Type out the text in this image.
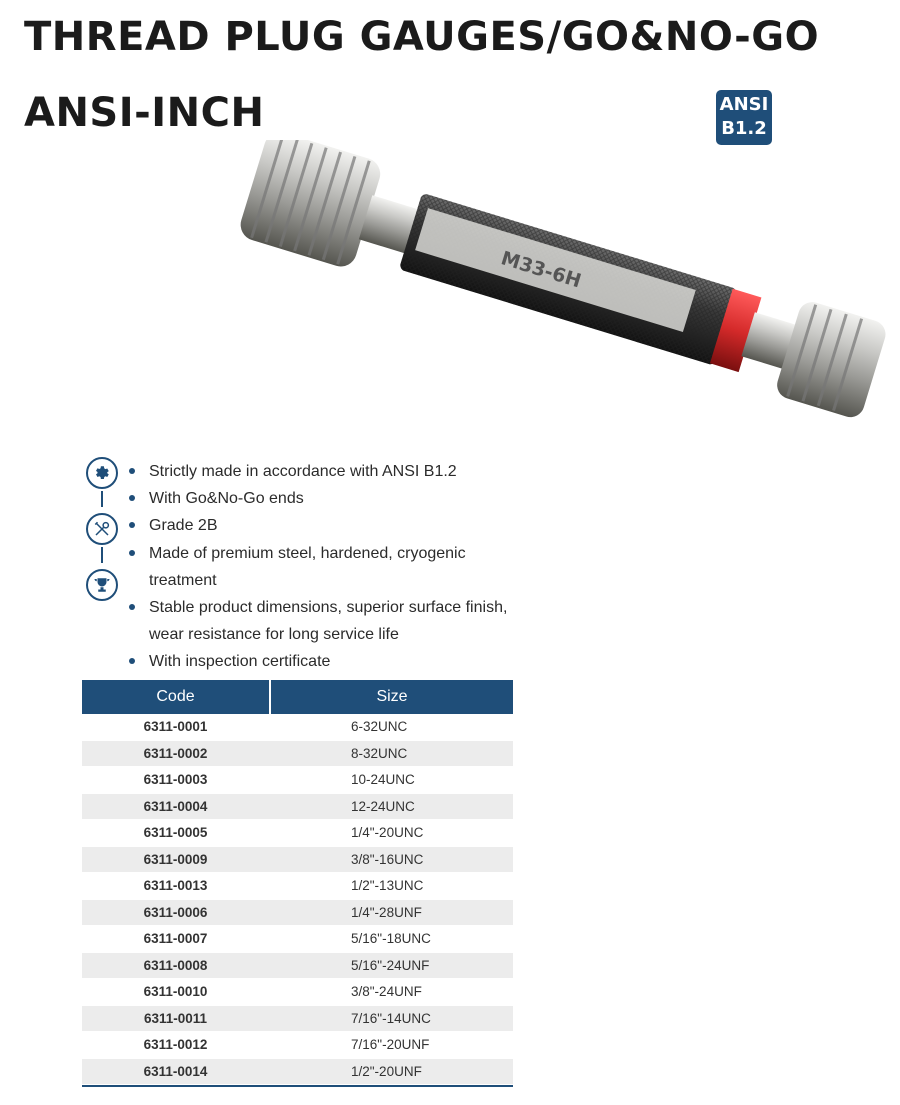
THREAD PLUG GAUGES/GO&NO-GO
ANSI-INCH	ANSI
B1.2
M33-6H
Strictly made in accordance with ANSI B1.2
With Go&No-Go ends
Grade 2B
Made of premium steel, hardened, cryogenic treatment
Stable product dimensions, superior surface finish, wear resistance for long service life
With inspection certificate
Code	Size
6311-0001	6-32UNC
6311-0002	8-32UNC
6311-0003	10-24UNC
6311-0004	12-24UNC
6311-0005	1/4"-20UNC
6311-0009	3/8"-16UNC
6311-0013	1/2"-13UNC
6311-0006	1/4"-28UNF
6311-0007	5/16"-18UNC
6311-0008	5/16"-24UNF
6311-0010	3/8"-24UNF
6311-0011	7/16"-14UNC
6311-0012	7/16"-20UNF
6311-0014	1/2"-20UNF
